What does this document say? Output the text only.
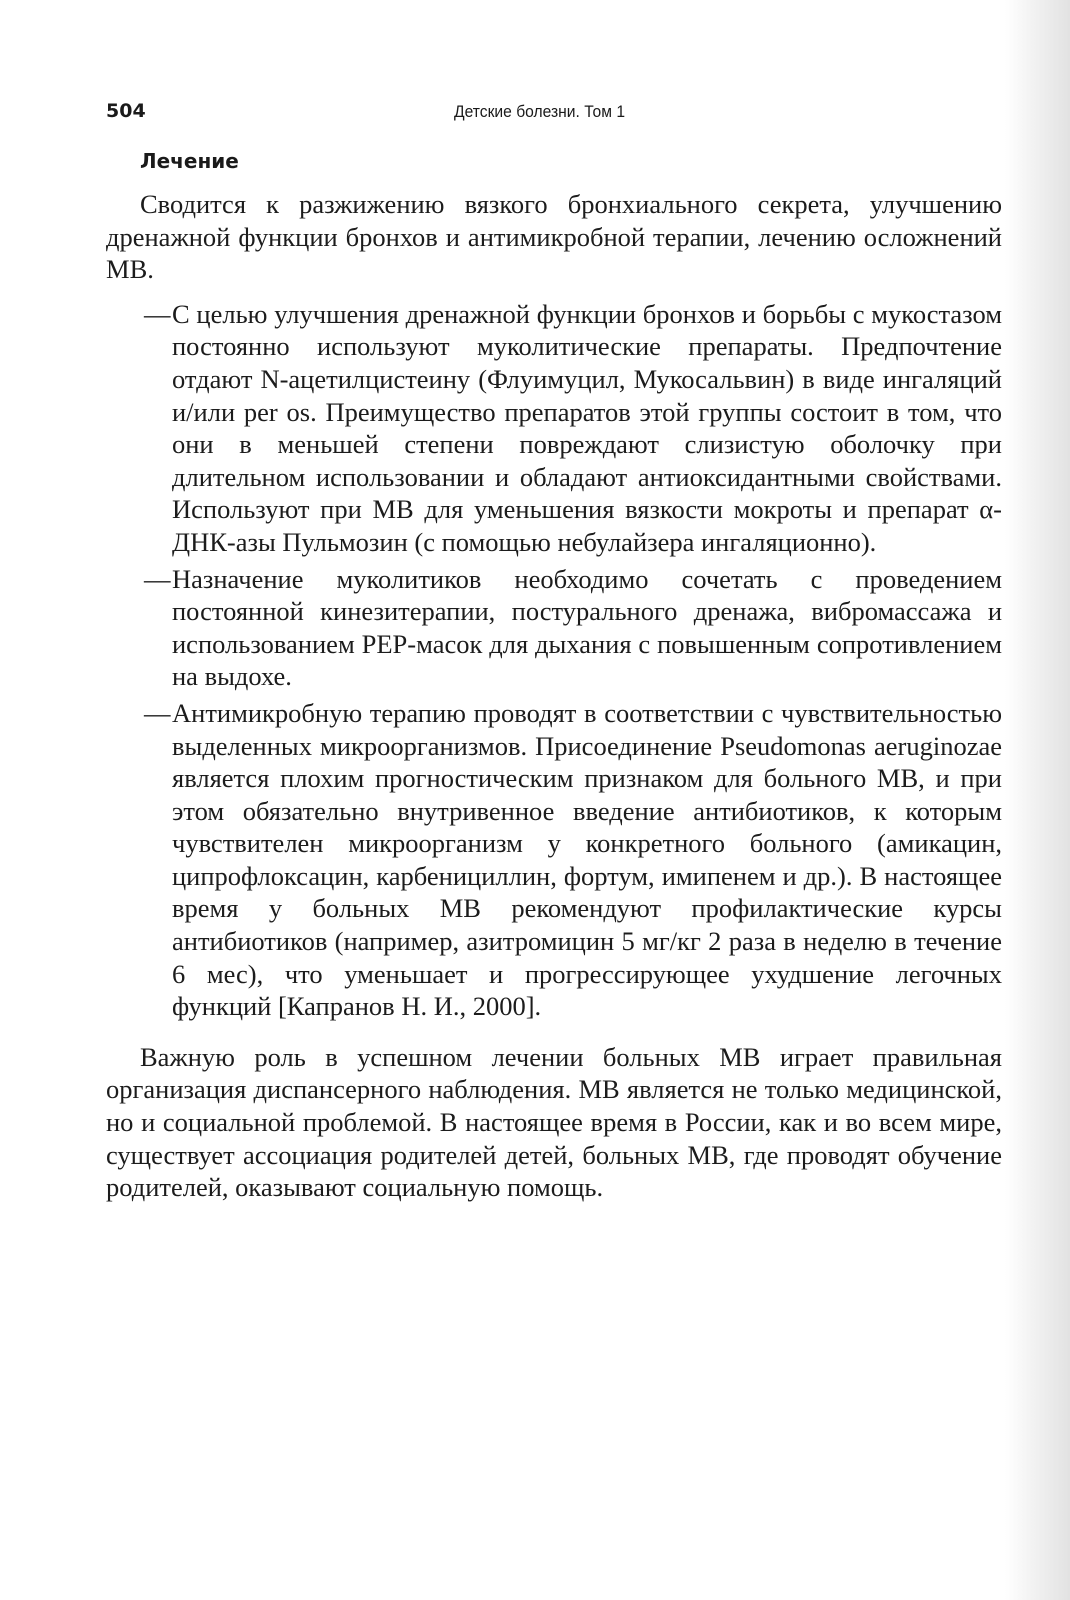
504	Детские болезни. Том 1
Лечение

Сводится к разжижению вязкого бронхиального секрета, улучшению дренажной функции бронхов и антимикробной терапии, лечению осложнений МВ.

—С целью улучшения дренажной функции бронхов и борьбы с мукостазом постоянно используют муколитические препараты. Предпочтение отдают N-ацетилцистеину (Флуимуцил, Мукосальвин) в виде ингаляций и/или per os. Преимущество препаратов этой группы состоит в том, что они в меньшей степени повреждают слизистую оболочку при длительном использовании и обладают антиоксидантными свойствами. Используют при МВ для уменьшения вязкости мокроты и препарат α-ДНК-азы Пульмозин (с помощью небулайзера ингаляционно).
—Назначение муколитиков необходимо сочетать с проведением постоянной кинезитерапии, постурального дренажа, вибромассажа и использованием PEP-масок для дыхания с повышенным сопротивлением на выдохе.
—Антимикробную терапию проводят в соответствии с чувствительностью выделенных микроорганизмов. Присоединение Pseudomonas aeruginozae является плохим прогностическим признаком для больного МВ, и при этом обязательно внутривенное введение антибиотиков, к которым чувствителен микроорганизм у конкретного больного (амикацин, ципрофлоксацин, карбенициллин, фортум, имипенем и др.). В настоящее время у больных МВ рекомендуют профилактические курсы антибиотиков (например, азитромицин 5 мг/кг 2 раза в неделю в течение 6 мес), что уменьшает и прогрессирующее ухудшение легочных функций [Капранов Н. И., 2000].

Важную роль в успешном лечении больных МВ играет правильная организация диспансерного наблюдения. МВ является не только медицинской, но и социальной проблемой. В настоящее время в России, как и во всем мире, существует ассоциация родителей детей, больных МВ, где проводят обучение родителей, оказывают социальную помощь.
